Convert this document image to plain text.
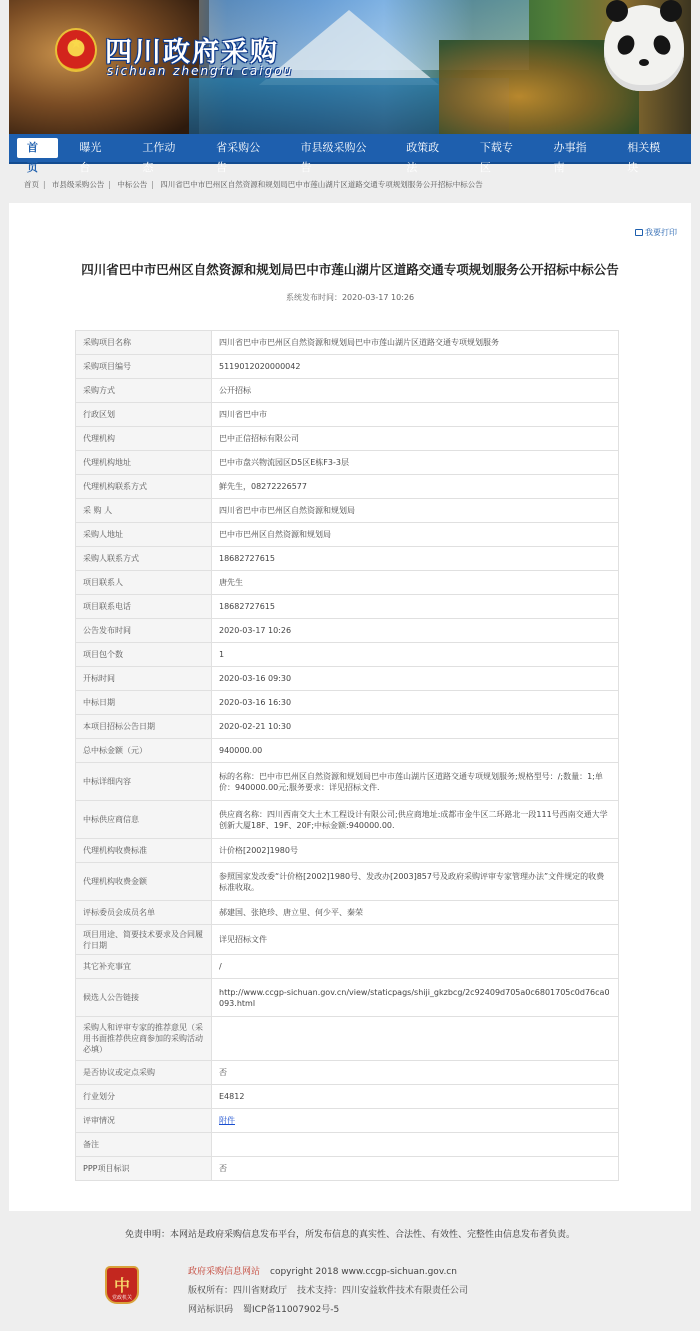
★ 四川政府采购
sichuan zhengfu caigou
首页
曝光台
工作动态
省采购公告
市县级采购公告
政策政法
下载专区
办事指南
相关模块
首页 | 市县级采购公告 | 中标公告 | 四川省巴中市巴州区自然资源和规划局巴中市莲山湖片区道路交通专项规划服务公开招标中标公告
我要打印
四川省巴中市巴州区自然资源和规划局巴中市莲山湖片区道路交通专项规划服务公开招标中标公告
系统发布时间：2020-03-17 10:26
采购项目名称	四川省巴中市巴州区自然资源和规划局巴中市莲山湖片区道路交通专项规划服务
采购项目编号	5119012020000042
采购方式	公开招标
行政区划	四川省巴中市
代理机构	巴中正信招标有限公司
代理机构地址	巴中市盘兴物流园区D5区E栋F3-3层
代理机构联系方式	鲜先生，08272226577
采 购 人	四川省巴中市巴州区自然资源和规划局
采购人地址	巴中市巴州区自然资源和规划局
采购人联系方式	18682727615
项目联系人	唐先生
项目联系电话	18682727615
公告发布时间	2020-03-17 10:26
项目包个数	1
开标时间	2020-03-16 09:30
中标日期	2020-03-16 16:30
本项目招标公告日期	2020-02-21 10:30
总中标金额（元）	940000.00
中标详细内容	标的名称：巴中市巴州区自然资源和规划局巴中市莲山湖片区道路交通专项规划服务;规格型号：/;数量：1;单价：940000.00元;服务要求：详见招标文件.
中标供应商信息	供应商名称：四川西南交大土木工程设计有限公司;供应商地址:成都市金牛区二环路北一段111号西南交通大学创新大厦18F、19F、20F;中标金额:940000.00.
代理机构收费标准	计价格[2002]1980号
代理机构收费金额	参照国家发改委“计价格[2002]1980号、发改办[2003]857号及政府采购评审专家管理办法”文件规定的收费标准收取。
评标委员会成员名单	郝建国、张艳珍、唐立里、何少平、秦荣
项目用途、简要技术要求及合同履行日期	详见招标文件
其它补充事宜	/
候选人公告链接	http://www.ccgp-sichuan.gov.cn/view/staticpags/shiji_gkzbcg/2c92409d705a0c6801705c0d76ca0093.html
采购人和评审专家的推荐意见（采用书面推荐供应商参加的采购活动必填）	
是否协议或定点采购	否
行业划分	E4812
评审情况	附件
备注	
PPP项目标识	否
免责申明：本网站是政府采购信息发布平台，所发布信息的真实性、合法性、有效性、完整性由信息发布者负责。
中
党政机关
政府采购信息网站 copyright 2018 www.ccgp-sichuan.gov.cn
版权所有：四川省财政厅 技术支持：四川安益软件技术有限责任公司
网站标识码 蜀ICP备11007902号-5
